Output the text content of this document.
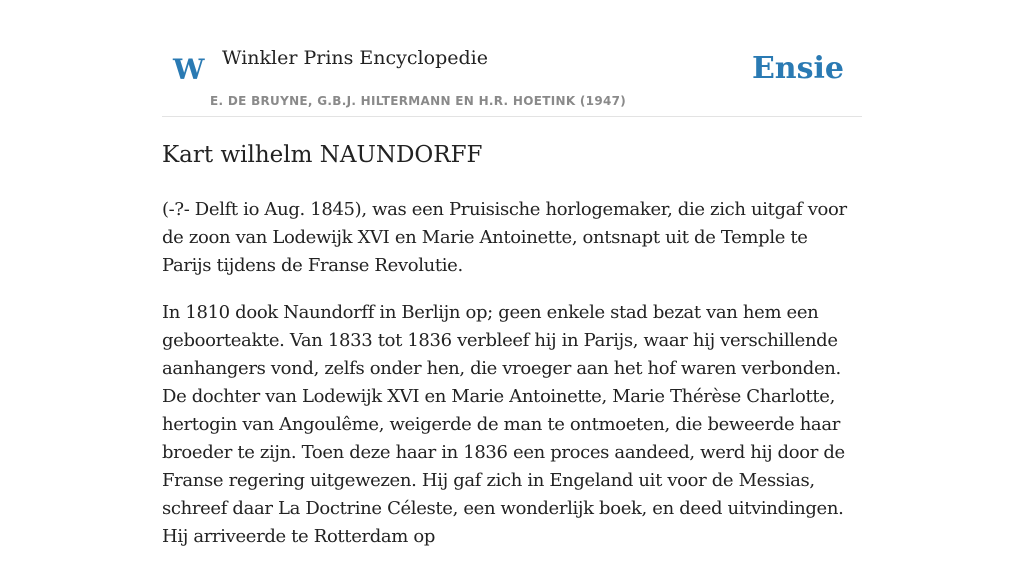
W Winkler Prins Encyclopedie
E. DE BRUYNE, G.B.J. HILTERMANN EN H.R. HOETINK (1947)
Ensie
Kart wilhelm NAUNDORFF

(-?- Delft io Aug. 1845), was een Pruisische horlogemaker, die zich uitgaf voor de zoon van Lodewijk XVI en Marie Antoinette, ontsnapt uit de Temple te Parijs tijdens de Franse Revolutie.

In 1810 dook Naundorff in Berlijn op; geen enkele stad bezat van hem een geboorteakte. Van 1833 tot 1836 verbleef hij in Parijs, waar hij verschillende aanhangers vond, zelfs onder hen, die vroeger aan het hof waren verbonden. De dochter van Lodewijk XVI en Marie Antoinette, Marie Thérèse Charlotte, hertogin van Angoulême, weigerde de man te ontmoeten, die beweerde haar broeder te zijn. Toen deze haar in 1836 een proces aandeed, werd hij door de Franse regering uitgewezen. Hij gaf zich in Engeland uit voor de Messias, schreef daar La Doctrine Céleste, een wonderlijk boek, en deed uitvindingen. Hij arriveerde te Rotterdam op
